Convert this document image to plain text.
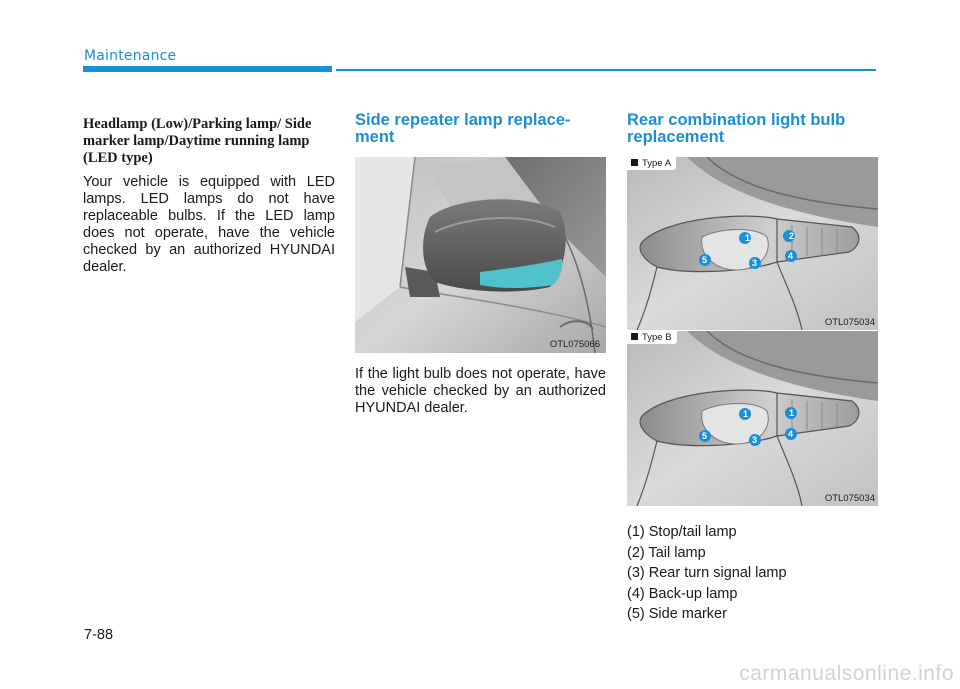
Maintenance
Headlamp (Low)/Parking lamp/ Side marker lamp/Daytime running lamp (LED type)
Your vehicle is equipped with LED lamps. LED lamps do not have replaceable bulbs. If the LED lamp does not operate, have the vehicle checked by an authorized HYUNDAI dealer.
Side repeater lamp replace- ment
OTL075066
If the light bulb does not operate, have the vehicle checked by an authorized HYUNDAI dealer.
Rear combination light bulb replacement
1	2
5	3
4
Type A
OTL075034
1	1
5	3
4
Type B
OTL075034
(1) Stop/tail lamp
(2) Tail lamp
(3) Rear turn signal lamp
(4) Back-up lamp
(5) Side marker
7-88
carmanualsonline.info
